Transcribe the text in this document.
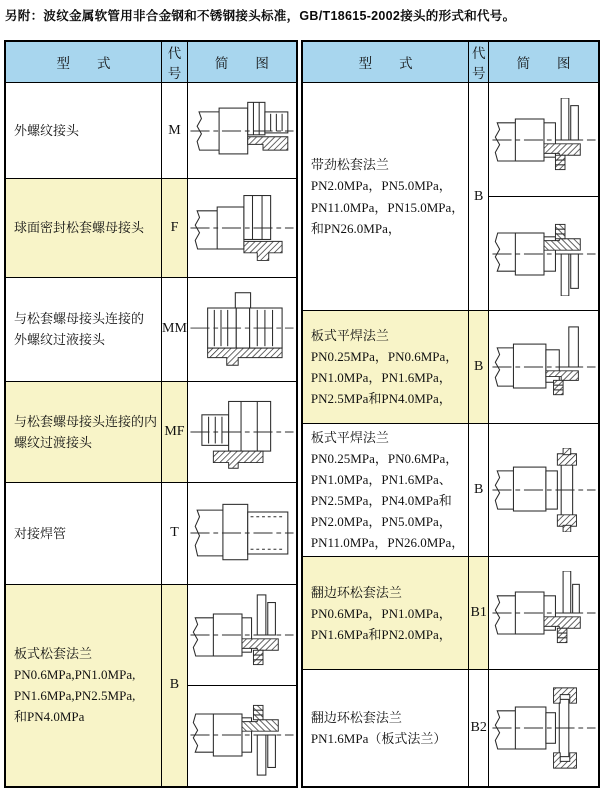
另附：波纹金属软管用非合金钢和不锈钢接头标准，GB/T18615-2002接头的形式和代号。
型　　式	代号	简　　图

外螺纹接头	M	

球面密封松套螺母接头	F	

与松套螺母接头连接的
外螺纹过液接头	MM	

与松套螺母接头连接的内
螺纹过渡接头	MF	

对接焊管	T	

板式松套法兰
PN0.6MPa,PN1.0MPa,
PN1.6MPa,PN2.5MPa,
和PN4.0MPa	B	
型　　式	代号	简　　图

带劲松套法兰
PN2.0MPa，PN5.0MPa，
PN11.0MPa，PN15.0MPa，
和PN26.0MPa，	B	

板式平焊法兰
PN0.25MPa，PN0.6MPa，
PN1.0MPa，PN1.6MPa，
PN2.5MPa和PN4.0MPa，	B	

板式平焊法兰
PN0.25MPa，PN0.6MPa，
PN1.0MPa，PN1.6MPa、
PN2.5MPa，PN4.0MPa和
PN2.0MPa，PN5.0MPa，
PN11.0MPa，PN26.0MPa，
	B	

翻边环松套法兰
PN0.6MPa，PN1.0MPa，
PN1.6MPa和PN2.0MPa，	B1	

翻边环松套法兰
PN1.6MPa（板式法兰）	B2	
